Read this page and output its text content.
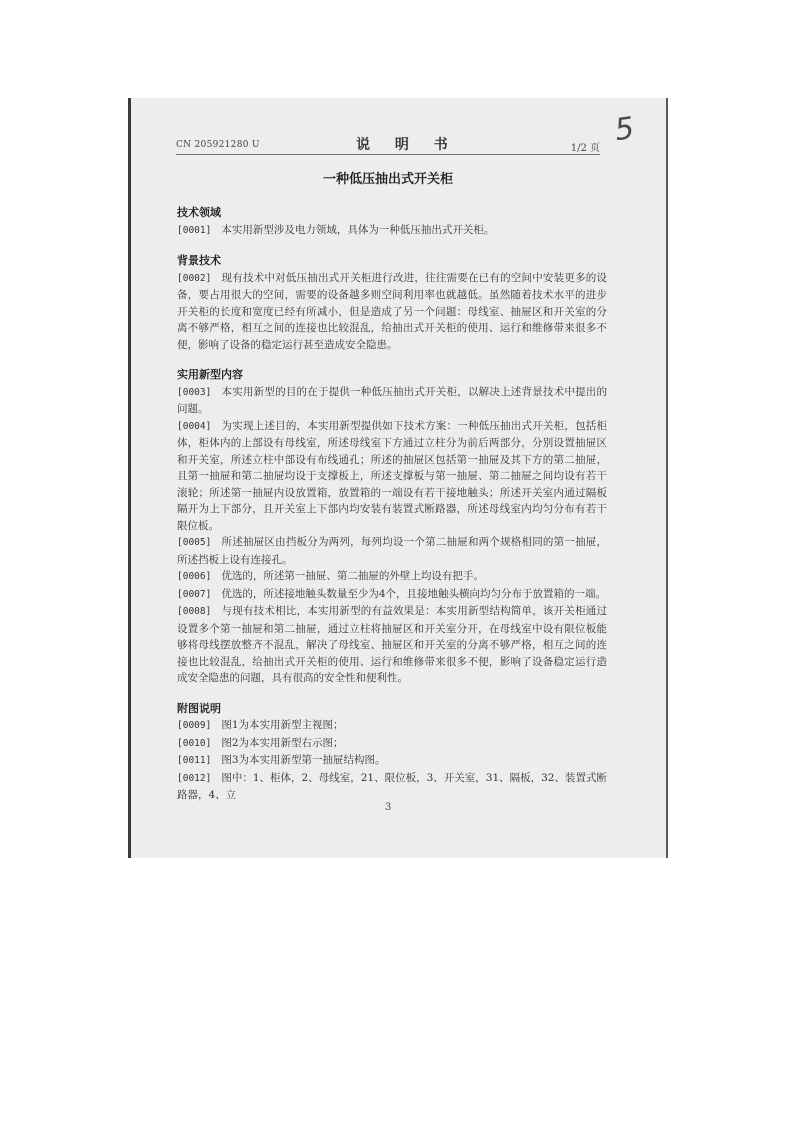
5
CN 205921280 U	说 明 书	1/2 页
一种低压抽出式开关柜

技术领域

[0001] 本实用新型涉及电力领域，具体为一种低压抽出式开关柜。

背景技术

[0002] 现有技术中对低压抽出式开关柜进行改进，往往需要在已有的空间中安装更多的设备，要占用很大的空间，需要的设备越多则空间利用率也就越低。虽然随着技术水平的进步开关柜的长度和宽度已经有所减小，但是造成了另一个问题：母线室、抽屉区和开关室的分离不够严格，相互之间的连接也比较混乱，给抽出式开关柜的使用、运行和维修带来很多不便，影响了设备的稳定运行甚至造成安全隐患。

实用新型内容

[0003] 本实用新型的目的在于提供一种低压抽出式开关柜，以解决上述背景技术中提出的问题。

[0004] 为实现上述目的，本实用新型提供如下技术方案：一种低压抽出式开关柜，包括柜体，柜体内的上部设有母线室，所述母线室下方通过立柱分为前后两部分，分别设置抽屉区和开关室，所述立柱中部设有布线通孔；所述的抽屉区包括第一抽屉及其下方的第二抽屉，且第一抽屉和第二抽屉均设于支撑板上，所述支撑板与第一抽屉、第二抽屉之间均设有若干滚轮；所述第一抽屉内设放置箱，放置箱的一端设有若干接地触头；所述开关室内通过隔板隔开为上下部分，且开关室上下部内均安装有装置式断路器，所述母线室内均匀分布有若干限位板。

[0005] 所述抽屉区由挡板分为两列，每列均设一个第二抽屉和两个规格相同的第一抽屉，所述挡板上设有连接孔。

[0006] 优选的，所述第一抽屉、第二抽屉的外壁上均设有把手。

[0007] 优选的，所述接地触头数量至少为4个，且接地触头横向均匀分布于放置箱的一端。

[0008] 与现有技术相比，本实用新型的有益效果是：本实用新型结构简单，该开关柜通过设置多个第一抽屉和第二抽屉，通过立柱将抽屉区和开关室分开，在母线室中设有限位板能够将母线摆放整齐不混乱，解决了母线室、抽屉区和开关室的分离不够严格，相互之间的连接也比较混乱，给抽出式开关柜的使用、运行和维修带来很多不便，影响了设备稳定运行造成安全隐患的问题，具有很高的安全性和便利性。

附图说明

[0009] 图1为本实用新型主视图；

[0010] 图2为本实用新型右示图；

[0011] 图3为本实用新型第一抽屉结构图。

[0012] 图中：1、柜体，2、母线室，21、限位板，3、开关室，31、隔板，32、装置式断路器，4、立

3
